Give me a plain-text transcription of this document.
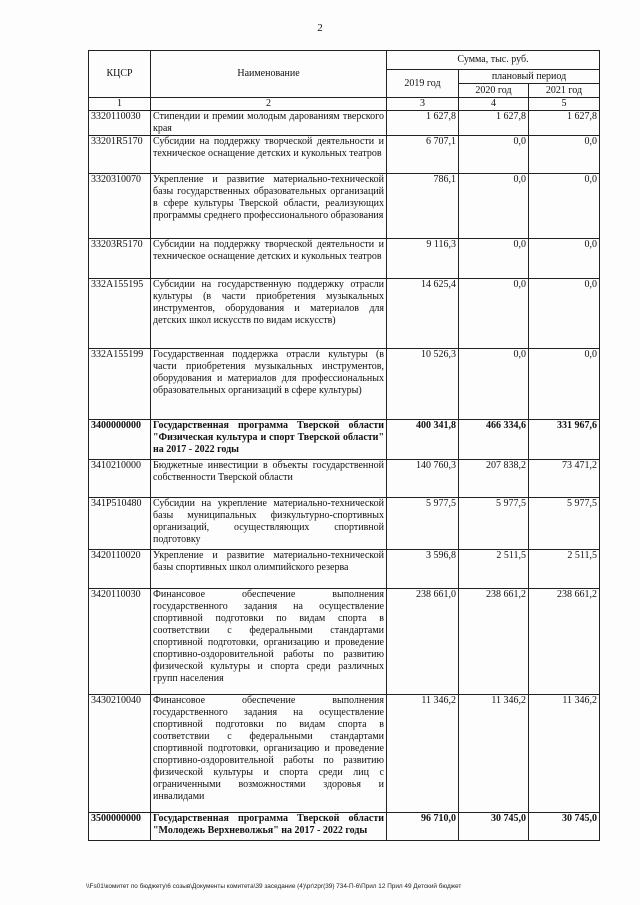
2
КЦСР	Наименование	Сумма, тыс. руб.		
		2019 год	плановый период	
			2020 год	2021 год
1	2	3	4	5
3320110030	Стипендии и премии молодым дарованиям тверского края	1 627,8	1 627,8	1 627,8
33201R5170	Субсидии на поддержку творческой деятельности и техническое оснащение детских и кукольных театров	6 707,1	0,0	0,0
3320310070	Укрепление и развитие материально-технической базы государственных образовательных организаций в сфере культуры Тверской области, реализующих программы среднего профессионального образования	786,1	0,0	0,0
33203R5170	Субсидии на поддержку творческой деятельности и техническое оснащение детских и кукольных театров	9 116,3	0,0	0,0
332A155195	Субсидии на государственную поддержку отрасли культуры (в части приобретения музыкальных инструментов, оборудования и материалов для детских школ искусств по видам искусств)	14 625,4	0,0	0,0
332A155199	Государственная поддержка отрасли культуры (в части приобретения музыкальных инструментов, оборудования и материалов для профессиональных образовательных организаций в сфере культуры)	10 526,3	0,0	0,0
3400000000	Государственная программа Тверской области "Физическая культура и спорт Тверской области" на 2017 - 2022 годы	400 341,8	466 334,6	331 967,6
3410210000	Бюджетные инвестиции в объекты государственной собственности Тверской области	140 760,3	207 838,2	73 471,2
341P510480	Субсидии на укрепление материально-технической базы муниципальных физкультурно-спортивных организаций, осуществляющих спортивной подготовку	5 977,5	5 977,5	5 977,5
3420110020	Укрепление и развитие материально-технической базы спортивных школ олимпийского резерва	3 596,8	2 511,5	2 511,5
3420110030	Финансовое обеспечение выполнения государственного задания на осуществление спортивной подготовки по видам спорта в соответствии с федеральными стандартами спортивной подготовки, организацию и проведение спортивно-оздоровительной работы по развитию физической культуры и спорта среди различных групп населения	238 661,0	238 661,2	238 661,2
3430210040	Финансовое обеспечение выполнения государственного задания на осуществление спортивной подготовки по видам спорта в соответствии с федеральными стандартами спортивной подготовки, организацию и проведение спортивно-оздоровительной работы по развитию физической культуры и спорта среди лиц с ограниченными возможностями здоровья и инвалидами	11 346,2	11 346,2	11 346,2
3500000000	Государственная программа Тверской области "Молодежь Верхневолжья" на 2017 - 2022 годы	96 710,0	30 745,0	30 745,0
\\Fs01\комитет по бюджету\6 созыв\Документы комитета\39 заседание (4)\pr\zpr(39) 734-П-6\Прил 12 Прил 49 Детский бюджет
